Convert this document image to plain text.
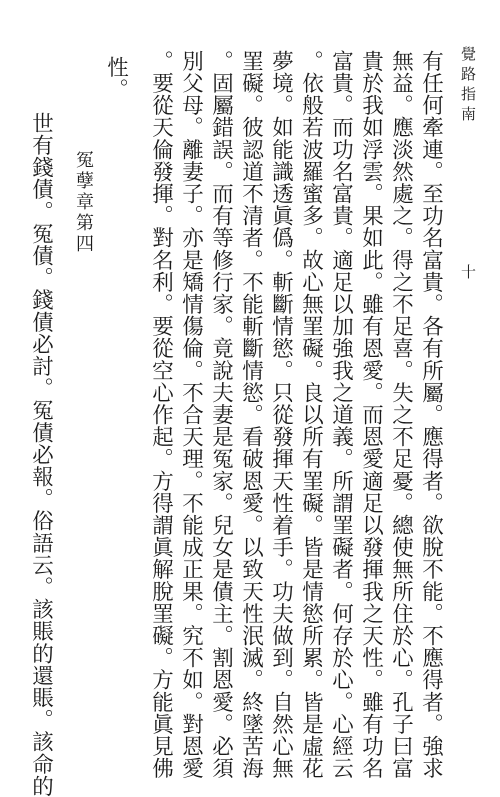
覺路指南
十
有任何牽連。至功名富貴。各有所屬。應得者。欲脫不能。不應得者。強求
無益。應淡然處之。得之不足喜。失之不足憂。總使無所住於心。孔子曰富
貴於我如浮雲。果如此。雖有恩愛。而恩愛適足以發揮我之天性。雖有功名
富貴。而功名富貴。適足以加強我之道義。所謂罣礙者。何存於心。心經云
。依般若波羅蜜多。故心無罣礙。良以所有罣礙。皆是情慾所累。皆是虛花
夢境。如能識透眞僞。斬斷情慾。只從發揮天性着手。功夫做到。自然心無
罣礙。彼認道不清者。不能斬斷情慾。看破恩愛。以致天性泯滅。終墜苦海
。固屬錯誤。而有等修行家。竟說夫妻是冤家。兒女是債主。割恩愛。必須
別父母。離妻子。亦是矯情傷倫。不合天理。不能成正果。究不如。對恩愛
。要從天倫發揮。對名利。要從空心作起。方得謂眞解脫罣礙。方能眞見佛
性。
冤孽章第四
世有錢債。冤債。錢債必討。冤債必報。俗語云。該賬的還賬。該命的
